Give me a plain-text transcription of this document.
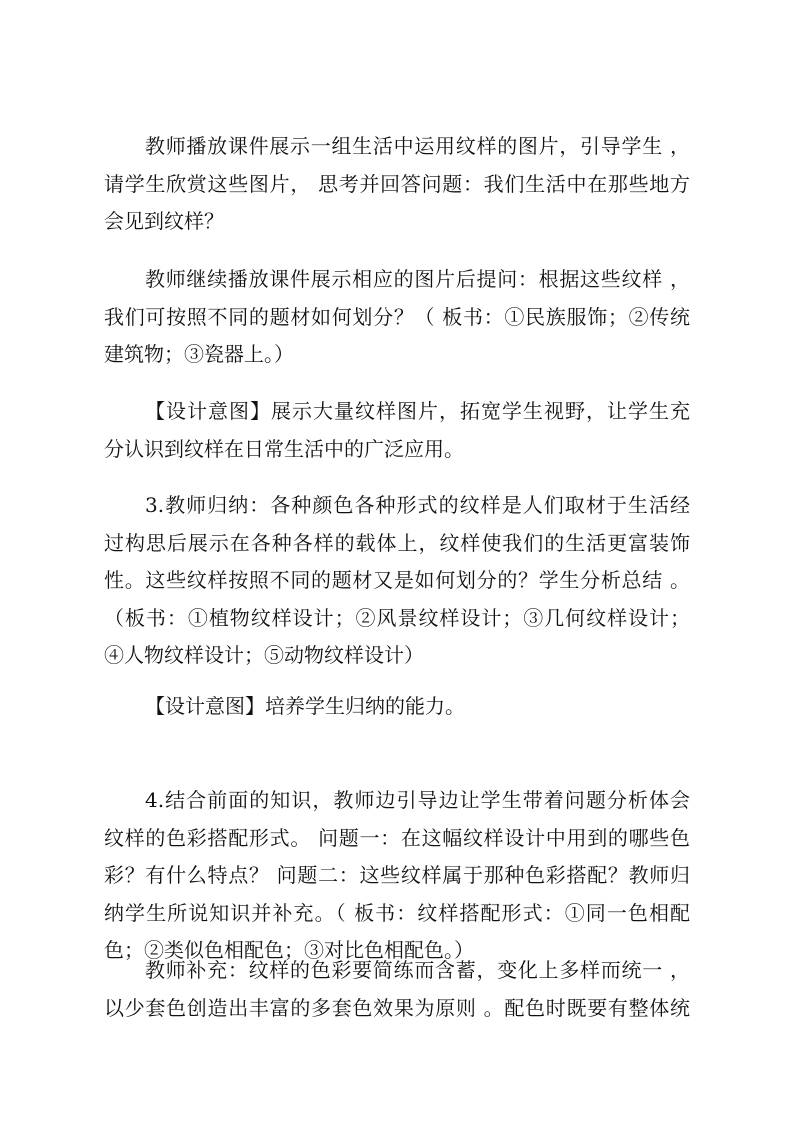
教师播放课件展示一组生活中运用纹样的图片，引导学生 ，
请学生欣赏这些图片， 思考并回答问题：我们生活中在那些地方
会见到纹样？
教师继续播放课件展示相应的图片后提问：根据这些纹样 ，
我们可按照不同的题材如何划分？（ 板书：①民族服饰；②传统
建筑物；③瓷器上。）
【设计意图】展示大量纹样图片，拓宽学生视野，让学生充
分认识到纹样在日常生活中的广泛应用。
3.教师归纳：各种颜色各种形式的纹样是人们取材于生活经
过构思后展示在各种各样的载体上，纹样使我们的生活更富装饰
性。这些纹样按照不同的题材又是如何划分的？学生分析总结 。
（板书：①植物纹样设计；②风景纹样设计；③几何纹样设计；
④人物纹样设计；⑤动物纹样设计）
【设计意图】培养学生归纳的能力。
4.结合前面的知识，教师边引导边让学生带着问题分析体会
纹样的色彩搭配形式。 问题一：在这幅纹样设计中用到的哪些色
彩？有什么特点？ 问题二：这些纹样属于那种色彩搭配？教师归
纳学生所说知识并补充。（ 板书：纹样搭配形式：①同一色相配
色；②类似色相配色；③对比色相配色。）
教师补充：纹样的色彩要简练而含蓄，变化上多样而统一 ，
以少套色创造出丰富的多套色效果为原则 。配色时既要有整体统
